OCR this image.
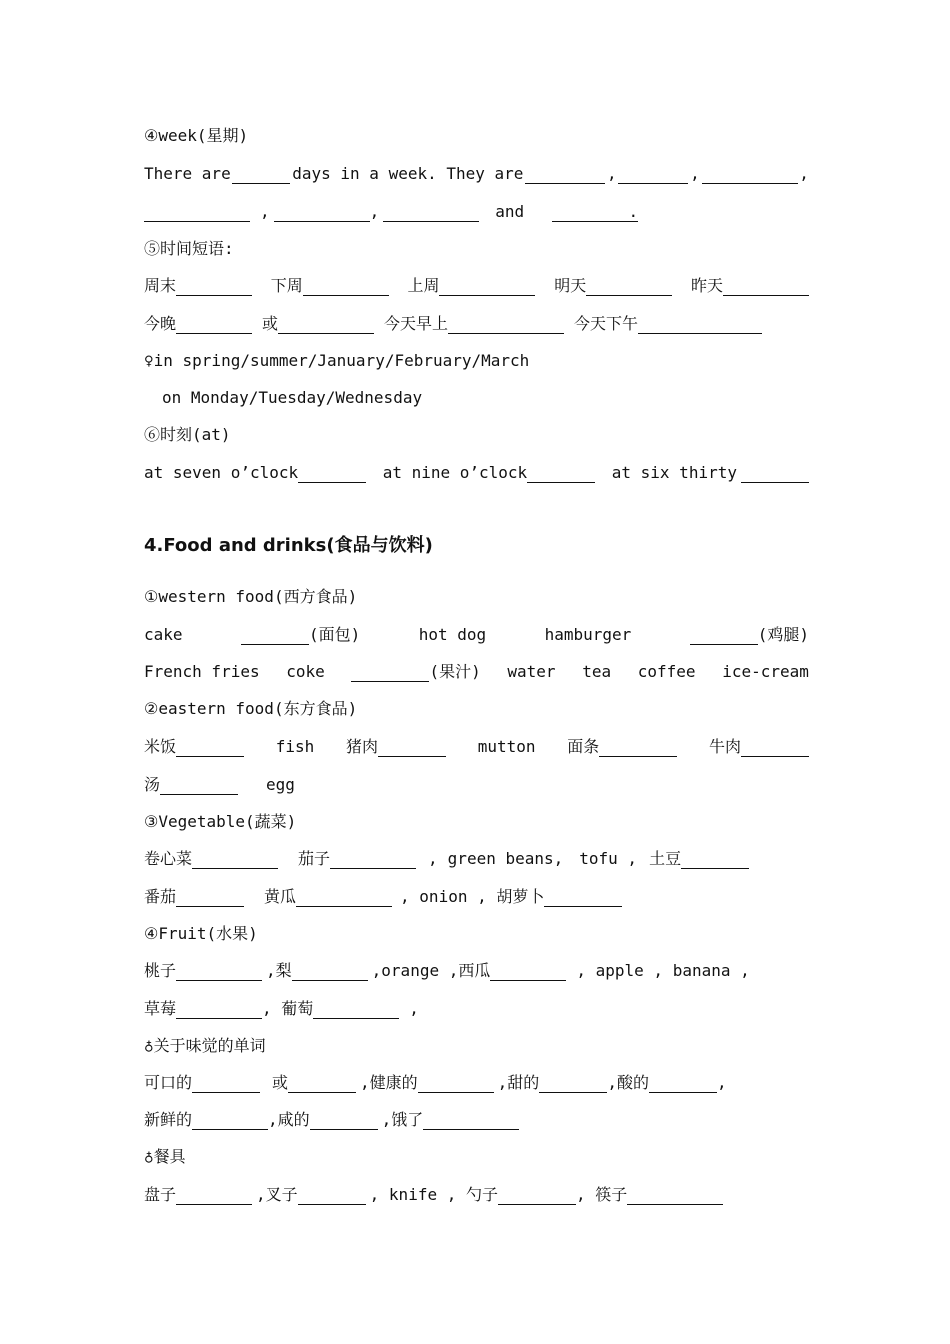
④week(星期)
There are	days in a week. They are	,	,	,
,	,	and	.
⑤时间短语:
周末	下周	上周	明天	昨天
今晚	或	今天早上	今天下午
♀in spring/summer/January/February/March
on Monday/Tuesday/Wednesday
⑥时刻(at)
at seven o’clock	at nine o’clock	at six thirty
4.Food and drinks(食品与饮料)
①western food(西方食品)
cake	(面包)	hot dog	hamburger	(鸡腿)
French fries coke	(果汁) water tea coffee ice-cream
②eastern food(东方食品)
米饭	fish 猪肉	mutton 面条	牛肉
汤	egg
③Vegetable(蔬菜)
卷心菜	茄子	, green beans, tofu , 土豆
番茄	黄瓜	, onion , 胡萝卜
④Fruit(水果)
桃子	,梨	,orange ,西瓜	, apple , banana ,
草莓	, 葡萄	,
♁关于味觉的单词
可口的	或	,健康的	,甜的	,酸的	,
新鲜的	,咸的	,饿了
♁餐具
盘子	,叉子	, knife , 勺子	, 筷子
